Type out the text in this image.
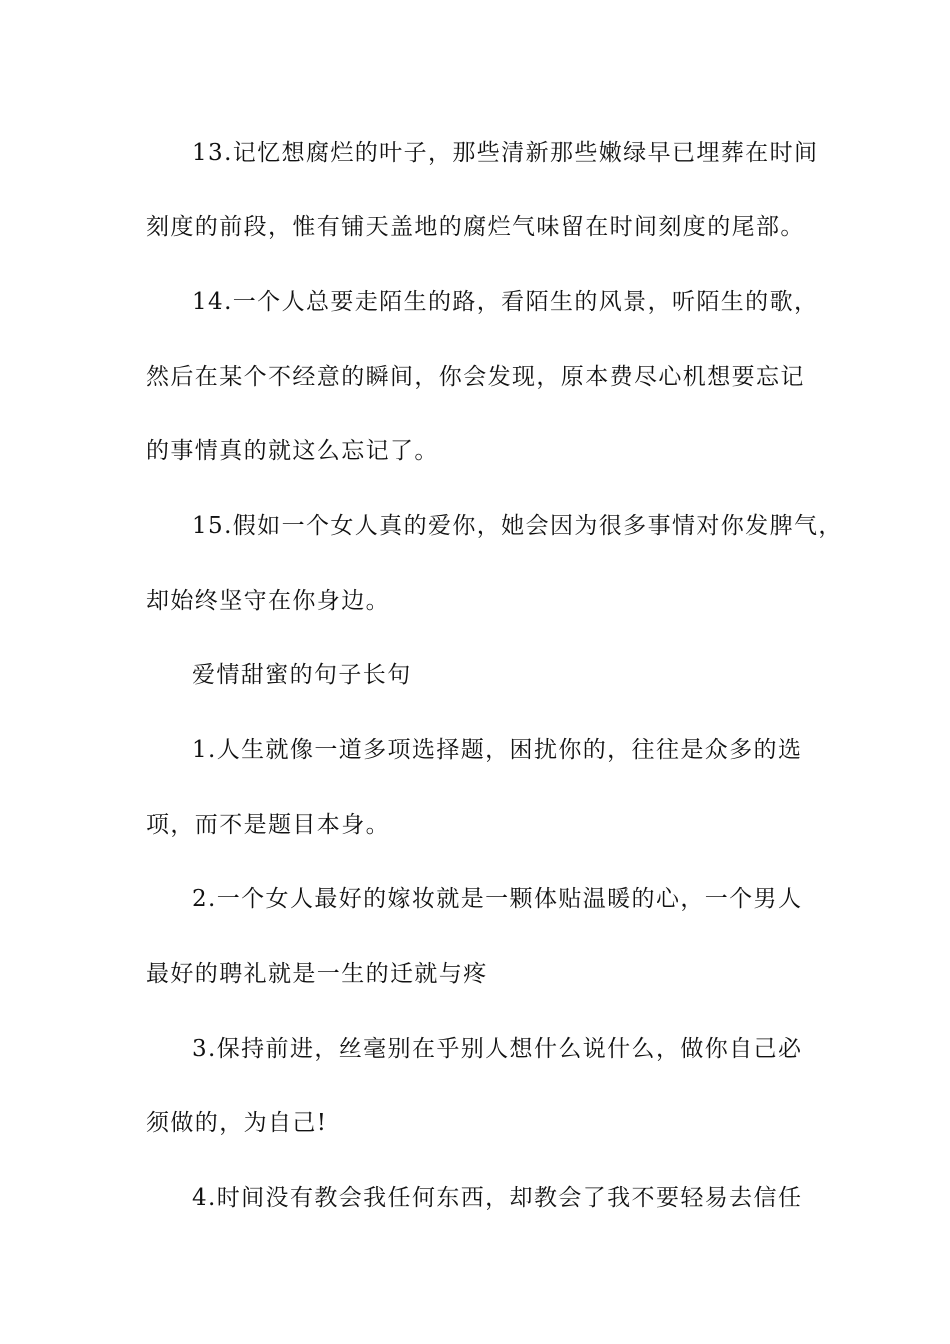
13.记忆想腐烂的叶子，那些清新那些嫩绿早已埋葬在时间
刻度的前段，惟有铺天盖地的腐烂气味留在时间刻度的尾部。
14.一个人总要走陌生的路，看陌生的风景，听陌生的歌，
然后在某个不经意的瞬间，你会发现，原本费尽心机想要忘记
的事情真的就这么忘记了。
15.假如一个女人真的爱你，她会因为很多事情对你发脾气，
却始终坚守在你身边。
爱情甜蜜的句子长句
1.人生就像一道多项选择题，困扰你的，往往是众多的选
项，而不是题目本身。
2.一个女人最好的嫁妆就是一颗体贴温暖的心，一个男人
最好的聘礼就是一生的迁就与疼
3.保持前进，丝毫别在乎别人想什么说什么，做你自己必
须做的，为自己!
4.时间没有教会我任何东西，却教会了我不要轻易去信任
